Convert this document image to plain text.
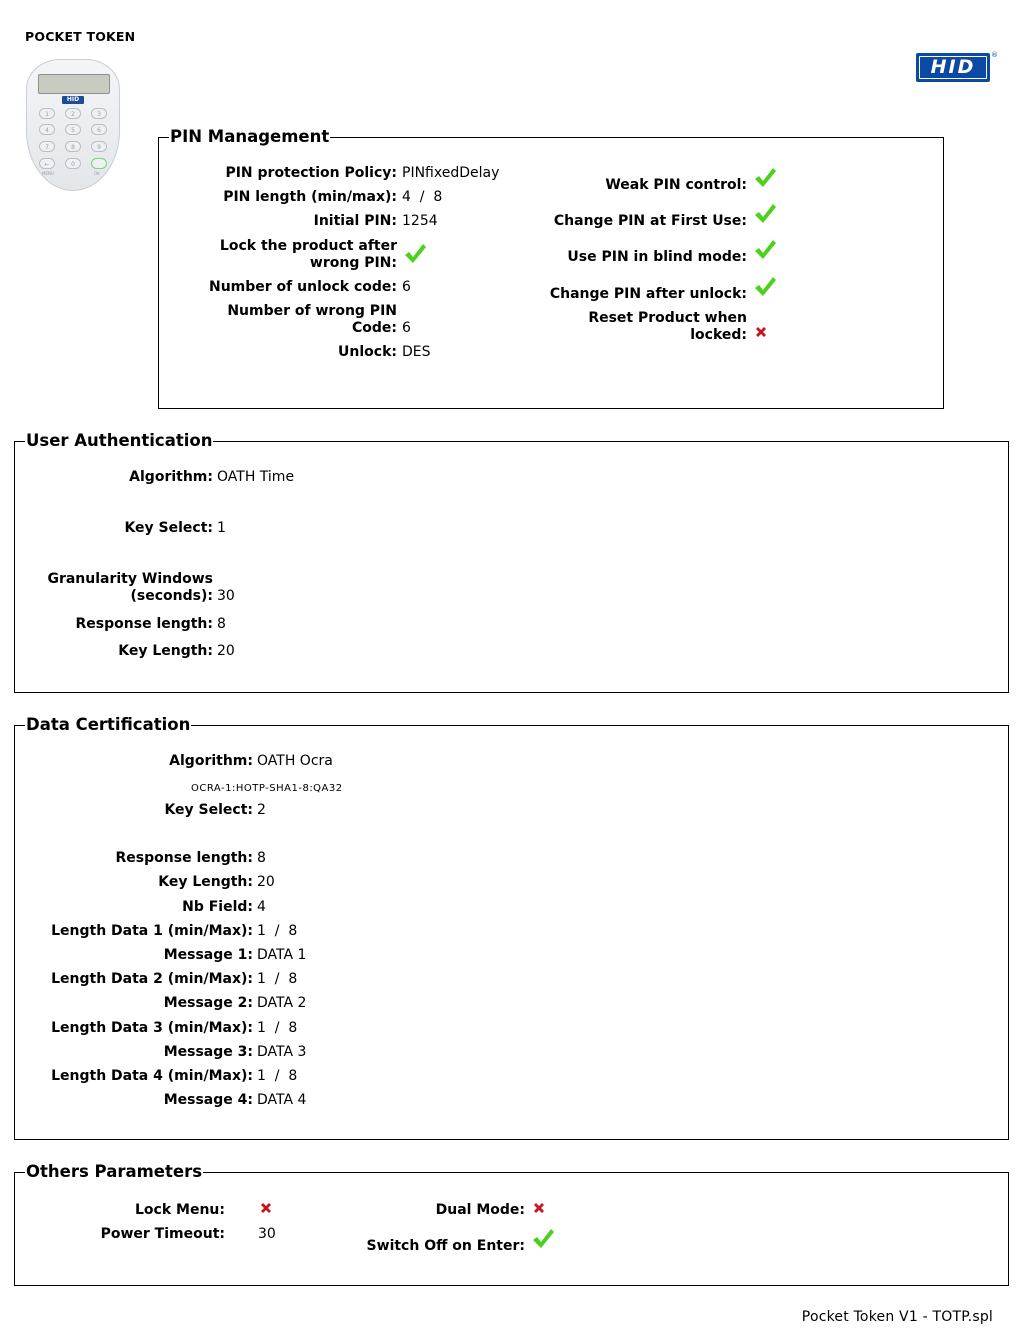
POCKET TOKEN
HID
1	2	3
4	5	6
7	8	9
←	0
MENU	OK
HID
®
PIN Management
PIN protection Policy: PINfixedDelay
PIN length (min/max): 4  /  8
Initial PIN: 1254
Lock the product after
wrong PIN:
Number of unlock code: 6
Number of wrong PIN
Code: 6
Unlock: DES
Weak PIN control:
Change PIN at First Use:
Use PIN in blind mode:
Change PIN after unlock:
Reset Product when
locked:
User Authentication
Algorithm: OATH Time
Key Select: 1
Granularity Windows
(seconds): 30
Response length: 8
Key Length: 20
Data Certification
Algorithm: OATH Ocra
OCRA-1:HOTP-SHA1-8:QA32
Key Select: 2
Response length: 8
Key Length: 20
Nb Field: 4
Length Data 1 (min/Max): 1  /  8
Message 1: DATA 1
Length Data 2 (min/Max): 1  /  8
Message 2: DATA 2
Length Data 3 (min/Max): 1  /  8
Message 3: DATA 3
Length Data 4 (min/Max): 1  /  8
Message 4: DATA 4
Others Parameters
Lock Menu:
Power Timeout: 30
Dual Mode:
Switch Off on Enter:
Pocket Token V1 - TOTP.spl
